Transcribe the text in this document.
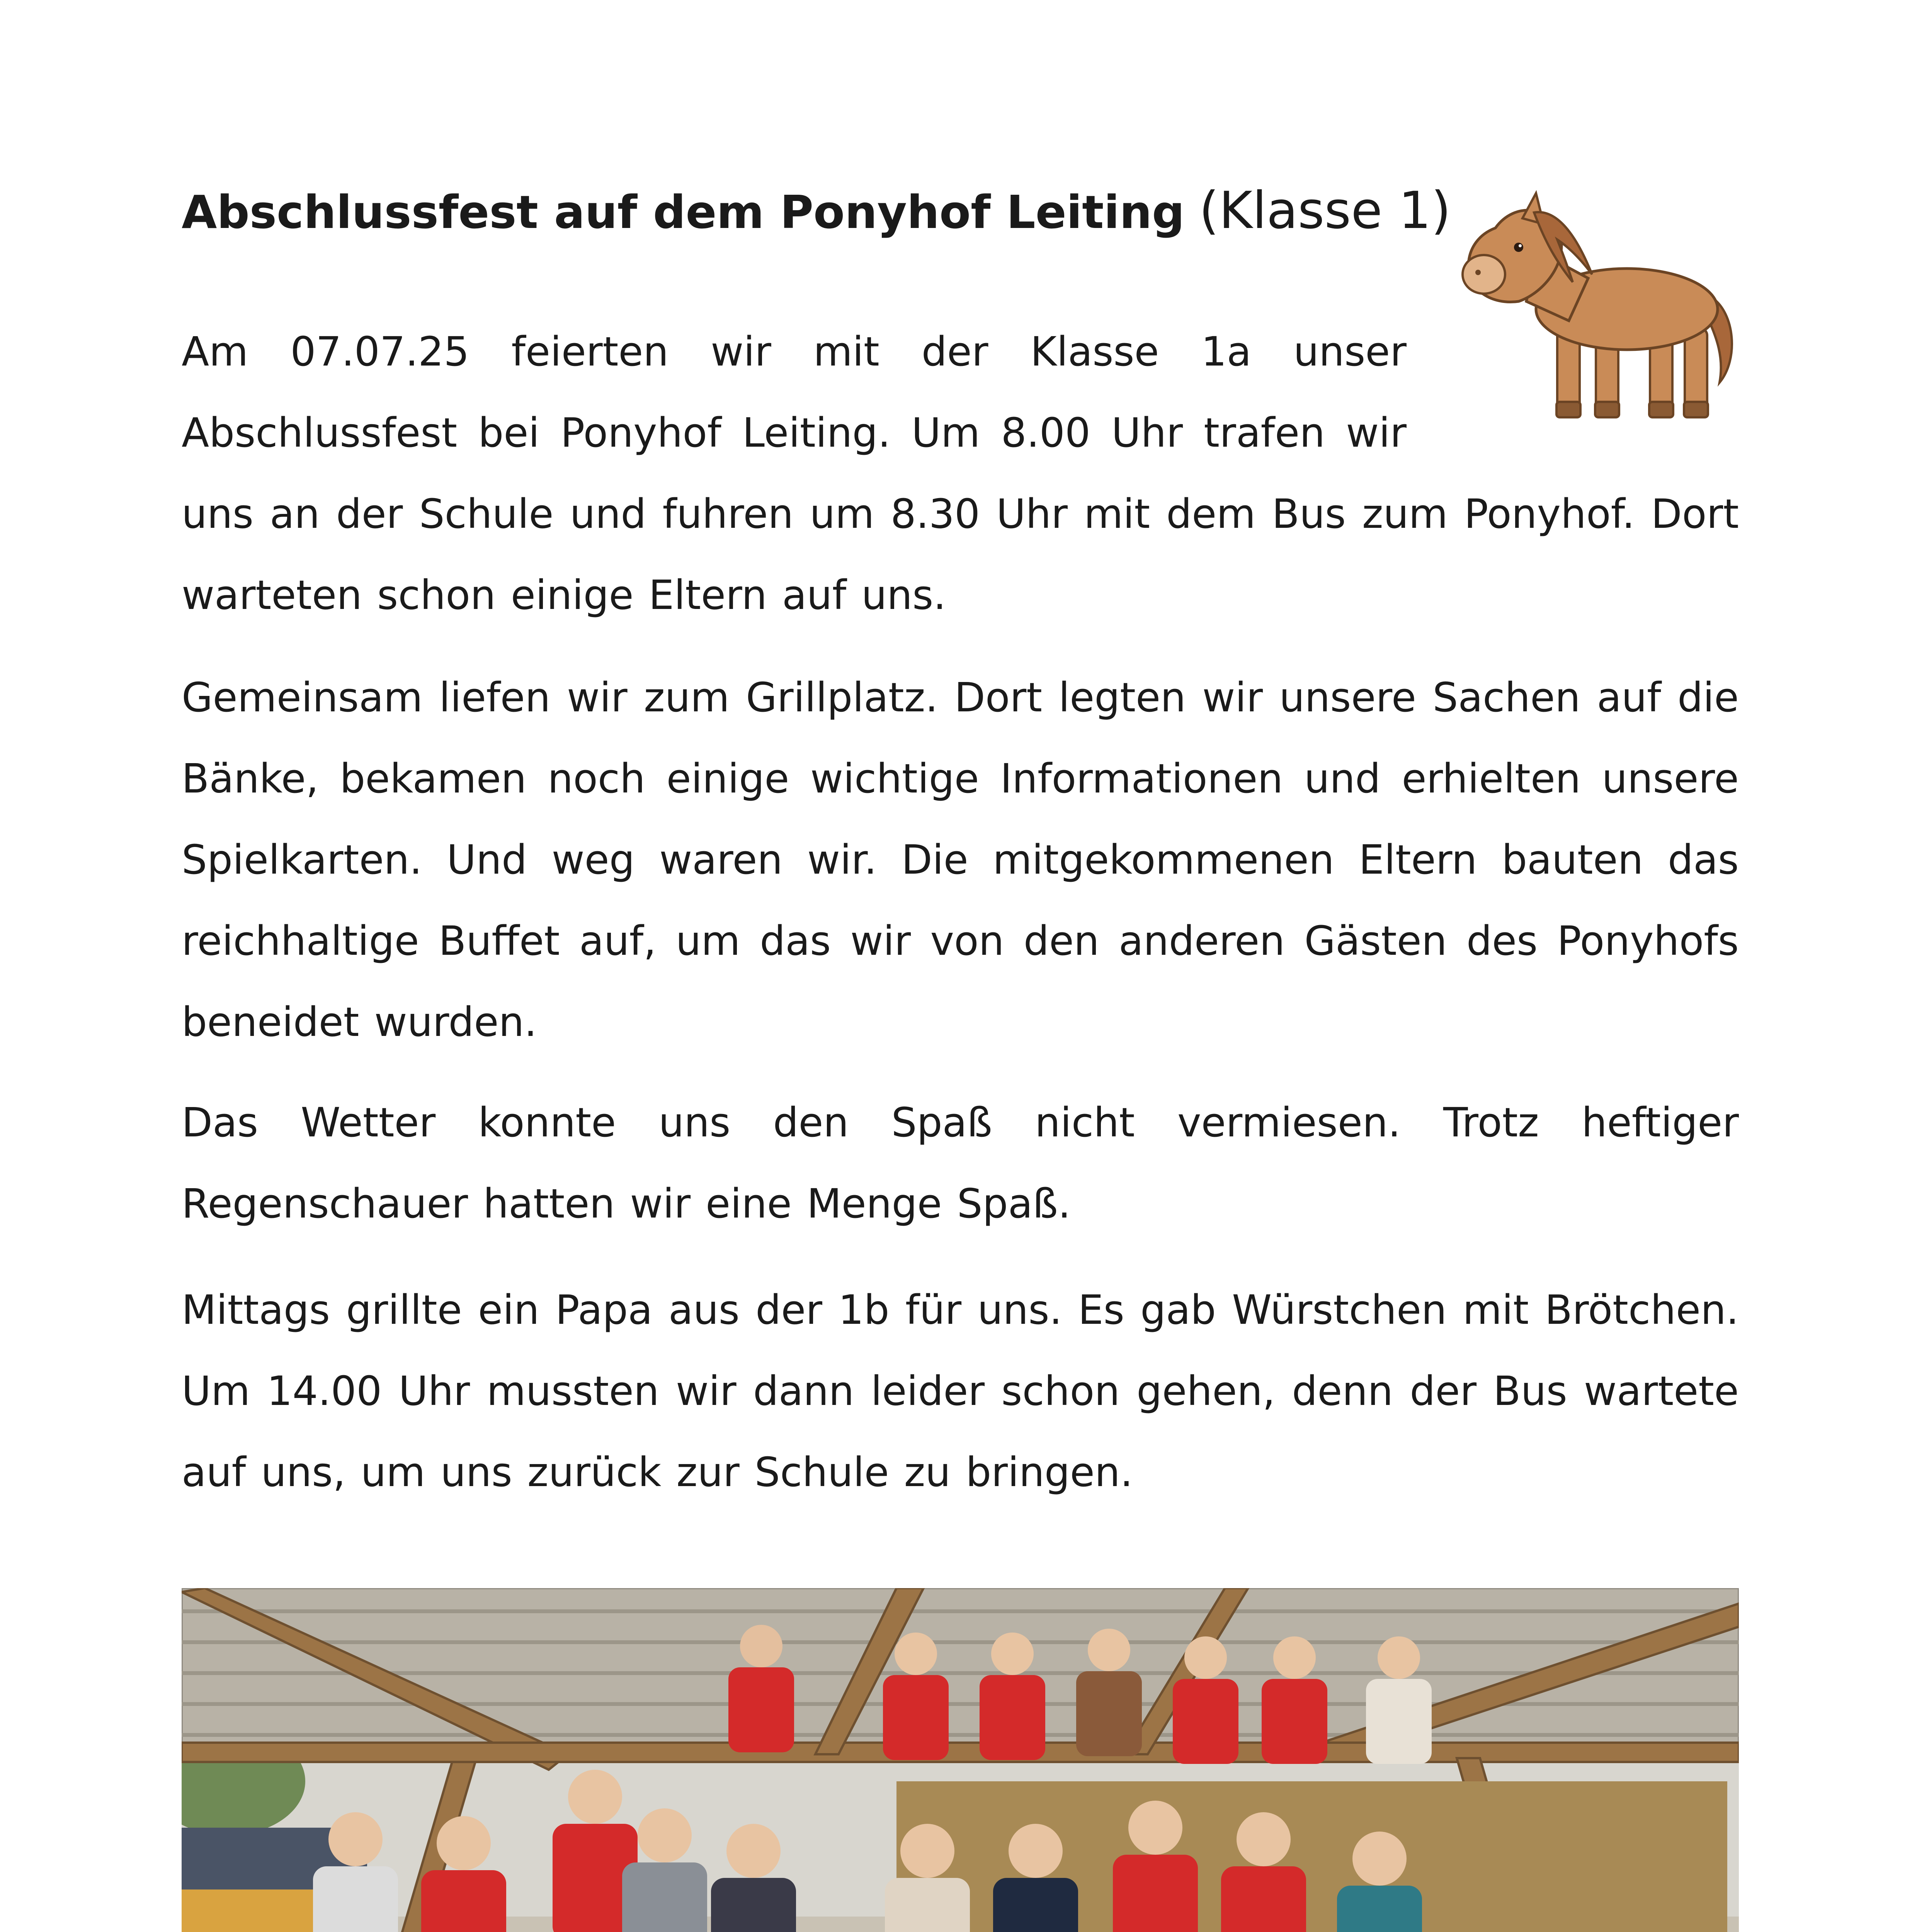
Abschlussfest auf dem Ponyhof Leiting (Klasse 1)

Am 07.07.25 feierten wir mit der Klasse 1a unser
Abschlussfest bei Ponyhof Leiting. Um 8.00 Uhr trafen wir
uns an der Schule und fuhren um 8.30 Uhr mit dem Bus zum Ponyhof. Dort warteten schon einige Eltern auf uns.

Gemeinsam liefen wir zum Grillplatz. Dort legten wir unsere Sachen auf die Bänke, bekamen noch einige wichtige Informationen und erhielten unsere Spielkarten. Und weg waren wir. Die mitgekommenen Eltern bauten das reichhaltige Buffet auf, um das wir von den anderen Gästen des Ponyhofs beneidet wurden.

Das Wetter konnte uns den Spaß nicht vermiesen. Trotz heftiger Regenschauer hatten wir eine Menge Spaß.

Mittags grillte ein Papa aus der 1b für uns. Es gab Würstchen mit Brötchen. Um 14.00 Uhr mussten wir dann leider schon gehen, denn der Bus wartete auf uns, um uns zurück zur Schule zu bringen.
